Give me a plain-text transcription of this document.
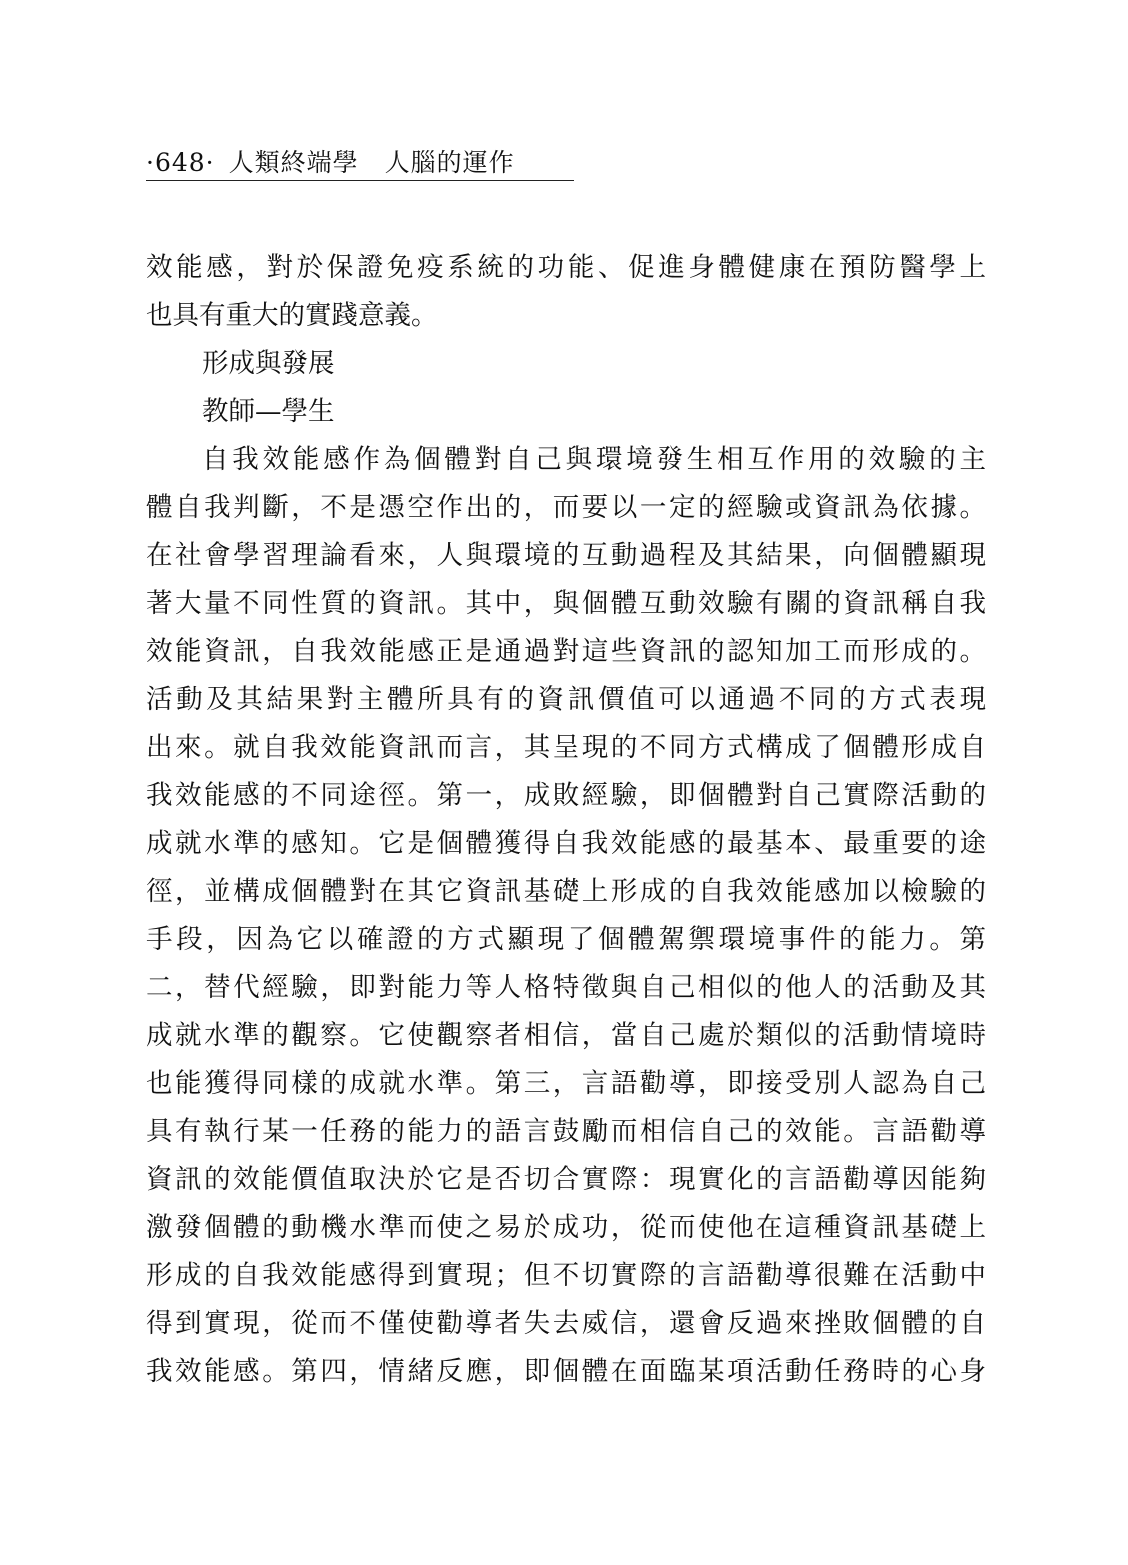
·648· 人類終端學 人腦的運作
效能感，對於保證免疫系統的功能、促進身體健康在預防醫學上
也具有重大的實踐意義。
形成與發展
教師—學生
自我效能感作為個體對自己與環境發生相互作用的效驗的主
體自我判斷，不是憑空作出的，而要以一定的經驗或資訊為依據。
在社會學習理論看來，人與環境的互動過程及其結果，向個體顯現
著大量不同性質的資訊。其中，與個體互動效驗有關的資訊稱自我
效能資訊，自我效能感正是通過對這些資訊的認知加工而形成的。
活動及其結果對主體所具有的資訊價值可以通過不同的方式表現
出來。就自我效能資訊而言，其呈現的不同方式構成了個體形成自
我效能感的不同途徑。第一，成敗經驗，即個體對自己實際活動的
成就水準的感知。它是個體獲得自我效能感的最基本、最重要的途
徑，並構成個體對在其它資訊基礎上形成的自我效能感加以檢驗的
手段，因為它以確證的方式顯現了個體駕禦環境事件的能力。第
二，替代經驗，即對能力等人格特徵與自己相似的他人的活動及其
成就水準的觀察。它使觀察者相信，當自己處於類似的活動情境時
也能獲得同樣的成就水準。第三，言語勸導，即接受別人認為自己
具有執行某一任務的能力的語言鼓勵而相信自己的效能。言語勸導
資訊的效能價值取決於它是否切合實際：現實化的言語勸導因能夠
激發個體的動機水準而使之易於成功，從而使他在這種資訊基礎上
形成的自我效能感得到實現；但不切實際的言語勸導很難在活動中
得到實現，從而不僅使勸導者失去威信，還會反過來挫敗個體的自
我效能感。第四，情緒反應，即個體在面臨某項活動任務時的心身
